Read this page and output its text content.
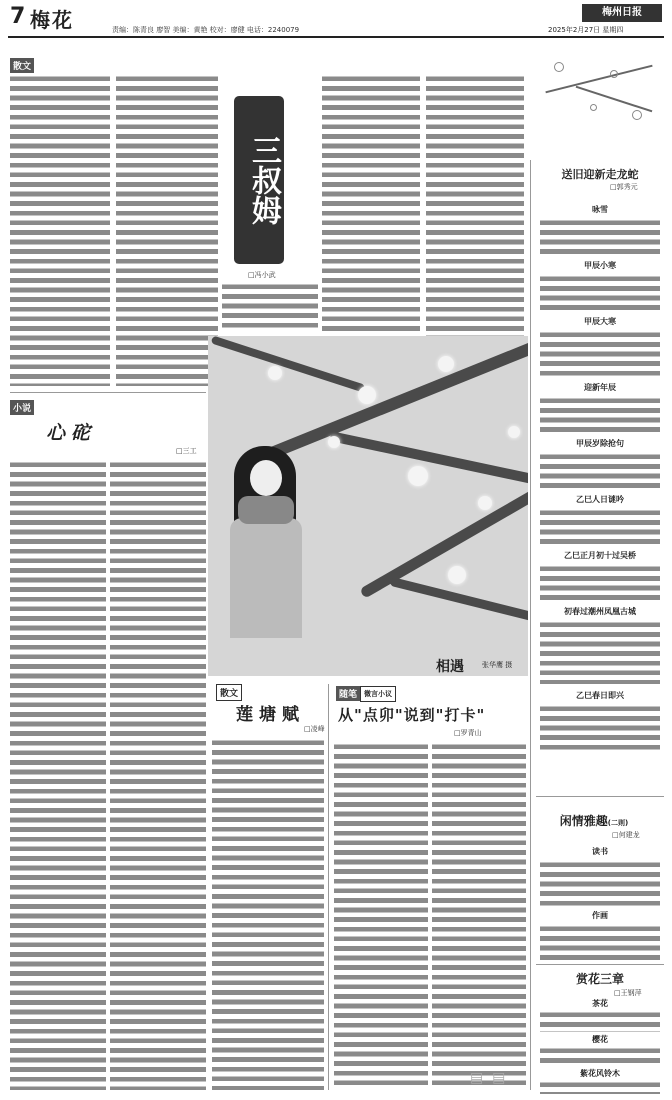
7 梅花	责编：陈青良 廖智 美编：黄艳 校对：廖健 电话：2240079
梅州日报
2025年2月27日 星期四
散文
三叔姆
□冯小武
送旧迎新走龙蛇
□郭秀元
咏雪
甲辰小寒
甲辰大寒
迎新年辰
甲辰岁除抢句
乙巳人日谜吟
乙巳正月初十过吴桥
初春过潮州凤凰古城
乙巳春日即兴
闲情雅趣(二则)
□何建龙
读书
作画
赏花三章
□王钢萍
茶花
樱花
紫花风铃木
小说
心砣
□三工
相遇	张华鹰 摄
散文
莲塘赋
□凌峰
随笔 微言小议
从"点卯"说到"打卡"
□罗青山
▤ ▤
